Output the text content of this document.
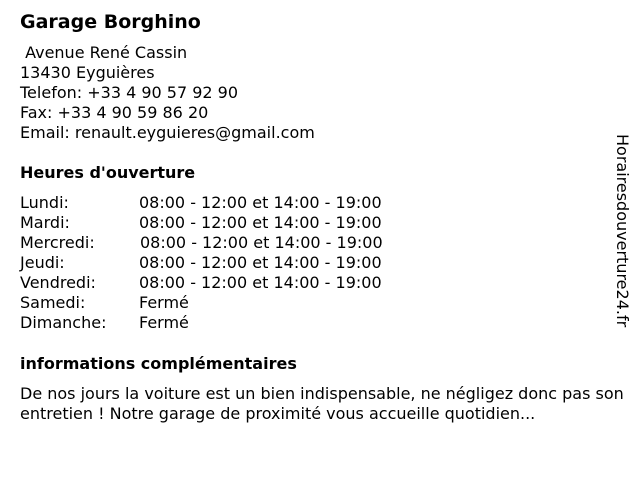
Garage Borghino
Avenue René Cassin
13430 Eyguières
Telefon: +33 4 90 57 92 90
Fax: +33 4 90 59 86 20
Email: renault.eyguieres@gmail.com
Heures d'ouverture
Lundi:	08:00 - 12:00 et 14:00 - 19:00
Mardi:	08:00 - 12:00 et 14:00 - 19:00
Mercredi:	08:00 - 12:00 et 14:00 - 19:00
Jeudi:	08:00 - 12:00 et 14:00 - 19:00
Vendredi:	08:00 - 12:00 et 14:00 - 19:00
Samedi:	Fermé
Dimanche: Fermé
informations complémentaires
De nos jours la voiture est un bien indispensable, ne négligez donc pas son entretien ! Notre garage de proximité vous accueille quotidien...
Horairesdouverture24.fr
